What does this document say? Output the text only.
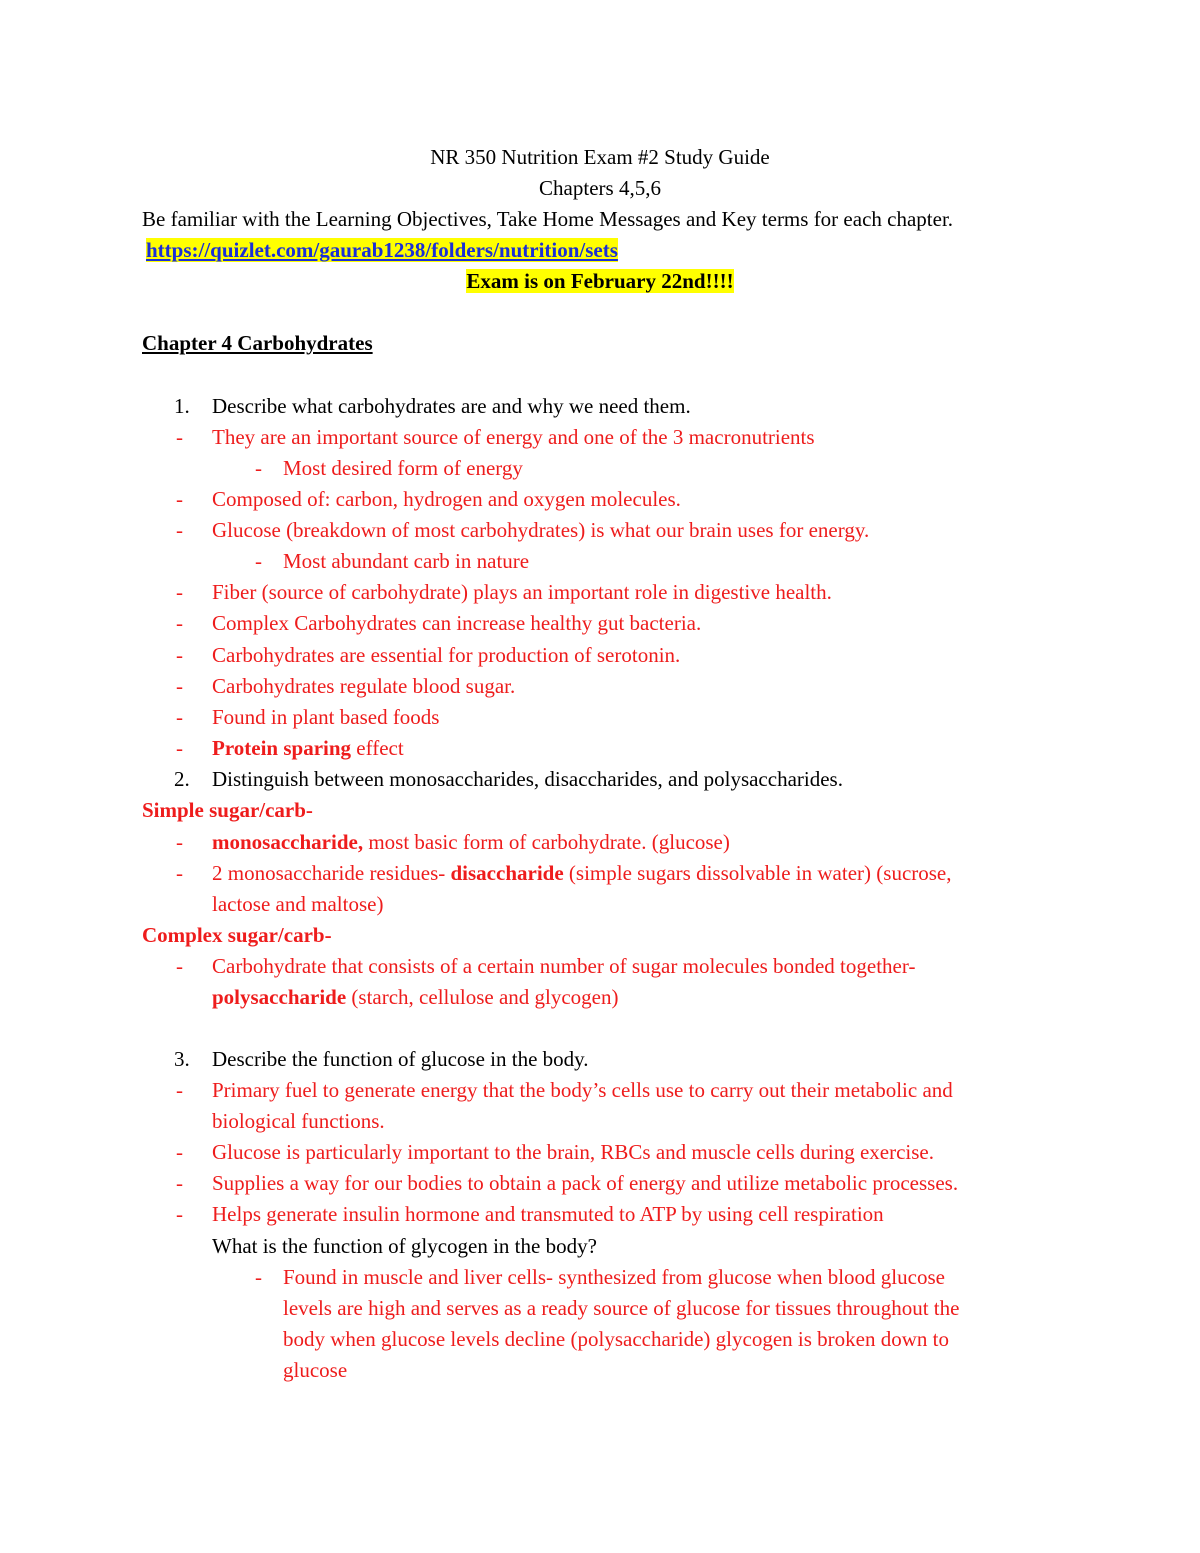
NR 350 Nutrition Exam #2 Study Guide
Chapters 4,5,6
Be familiar with the Learning Objectives, Take Home Messages and Key terms for each chapter.
https://quizlet.com/gaurab1238/folders/nutrition/sets
Exam is on February 22nd!!!!
Chapter 4 Carbohydrates
1.	Describe what carbohydrates are and why we need them.
- They are an important source of energy and one of the 3 macronutrients
- Most desired form of energy
- Composed of: carbon, hydrogen and oxygen molecules.
- Glucose (breakdown of most carbohydrates) is what our brain uses for energy.
- Most abundant carb in nature
- Fiber (source of carbohydrate) plays an important role in digestive health.
- Complex Carbohydrates can increase healthy gut bacteria.
- Carbohydrates are essential for production of serotonin.
- Carbohydrates regulate blood sugar.
- Found in plant based foods
- Protein sparing effect
2.	Distinguish between monosaccharides, disaccharides, and polysaccharides.
Simple sugar/carb-
- monosaccharide, most basic form of carbohydrate. (glucose)
- 2 monosaccharide residues- disaccharide (simple sugars dissolvable in water) (sucrose,
lactose and maltose)
Complex sugar/carb-
- Carbohydrate that consists of a certain number of sugar molecules bonded together-
polysaccharide (starch, cellulose and glycogen)
3.	Describe the function of glucose in the body.
- Primary fuel to generate energy that the body’s cells use to carry out their metabolic and
biological functions.
- Glucose is particularly important to the brain, RBCs and muscle cells during exercise.
- Supplies a way for our bodies to obtain a pack of energy and utilize metabolic processes.
- Helps generate insulin hormone and transmuted to ATP by using cell respiration
What is the function of glycogen in the body?
- Found in muscle and liver cells- synthesized from glucose when blood glucose
levels are high and serves as a ready source of glucose for tissues throughout the
body when glucose levels decline (polysaccharide) glycogen is broken down to
glucose
